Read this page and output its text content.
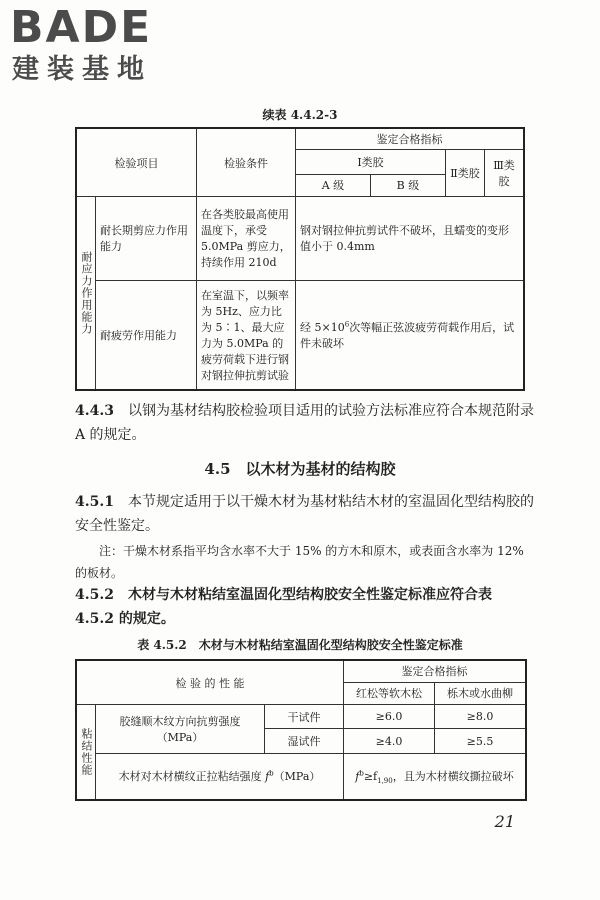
BADE
建装基地
续表 4.4.2-3
检验项目		检验条件	鉴定合格指标			
			Ⅰ类胶		Ⅱ类胶	Ⅲ类胶
			A 级	B 级		
耐应力作用能力	耐长期剪应力作用能力	在各类胶最高使用温度下，承受 5.0MPa 剪应力，持续作用 210d	钢对钢拉伸抗剪试件不破坏，且蠕变的变形值小于 0.4mm			
	耐疲劳作用能力	在室温下，以频率为 5Hz、应力比为 5∶1、最大应力为 5.0MPa 的疲劳荷载下进行钢对钢拉伸抗剪试验	经 $5\times 10^6$次等幅正弦波疲劳荷载作用后，试件未破坏			
4.4.3　 以钢为基材结构胶检验项目适用的试验方法标准应符合本规范附录 A 的规定。
4.5　 以木材为基材的结构胶
4.5.1　 本节规定适用于以干燥木材为基材粘结木材的室温固化型结构胶的安全性鉴定。
注：干燥木材系指平均含水率不大于 15% 的方木和原木，或表面含水率为 12% 的板材。
4.5.2　 木材与木材粘结室温固化型结构胶安全性鉴定标准应符合表 4.5.2 的规定。
表 4.5.2　木材与木材粘结室温固化型结构胶安全性鉴定标准
检 验 的 性 能			鉴定合格指标	
			红松等软木松	栎木或水曲柳
粘结性能	胶缝顺木纹方向抗剪强度（MPa）	干试件	≥6.0	≥8.0
		湿试件	≥4.0	≥5.5
	木材对木材横纹正拉粘结强度 $f^b(MPa)$		$f^b\ge f_{1,90}$，且为木材横纹撕拉破坏	
21
